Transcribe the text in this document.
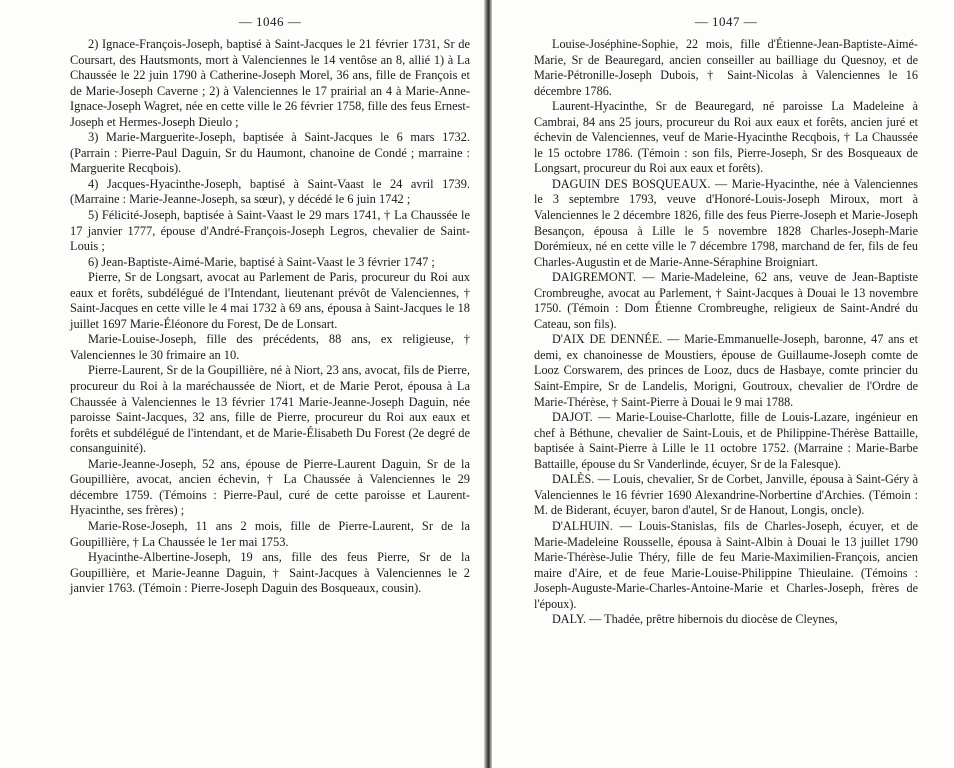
— 1046 —

2) Ignace-François-Joseph, baptisé à Saint-Jacques le 21 février 1731, Sr de Coursart, des Hautsmonts, mort à Valenciennes le 14 ventôse an 8, allié 1) à La Chaussée le 22 juin 1790 à Catherine-Joseph Morel, 36 ans, fille de François et de Marie-Joseph Caverne ; 2) à Valenciennes le 17 prairial an 4 à Marie-Anne-Ignace-Joseph Wagret, née en cette ville le 26 février 1758, fille des feus Ernest-Joseph et Hermes-Joseph Dieulo ;

3) Marie-Marguerite-Joseph, baptisée à Saint-Jacques le 6 mars 1732. (Parrain : Pierre-Paul Daguin, Sr du Haumont, chanoine de Condé ; marraine : Marguerite Recqbois).

4) Jacques-Hyacinthe-Joseph, baptisé à Saint-Vaast le 24 avril 1739. (Marraine : Marie-Jeanne-Joseph, sa sœur), y décédé le 6 juin 1742 ;

5) Félicité-Joseph, baptisée à Saint-Vaast le 29 mars 1741, † La Chaussée le 17 janvier 1777, épouse d'André-François-Joseph Legros, chevalier de Saint-Louis ;

6) Jean-Baptiste-Aimé-Marie, baptisé à Saint-Vaast le 3 février 1747 ;

Pierre, Sr de Longsart, avocat au Parlement de Paris, procureur du Roi aux eaux et forêts, subdélégué de l'Intendant, lieutenant prévôt de Valenciennes, † Saint-Jacques en cette ville le 4 mai 1732 à 69 ans, épousa à Saint-Jacques le 18 juillet 1697 Marie-Éléonore du Forest, De de Lonsart.

Marie-Louise-Joseph, fille des précédents, 88 ans, ex religieuse, † Valenciennes le 30 frimaire an 10.

Pierre-Laurent, Sr de la Goupillière, né à Niort, 23 ans, avocat, fils de Pierre, procureur du Roi à la maréchaussée de Niort, et de Marie Perot, épousa à La Chaussée à Valenciennes le 13 février 1741 Marie-Jeanne-Joseph Daguin, née paroisse Saint-Jacques, 32 ans, fille de Pierre, procureur du Roi aux eaux et forêts et subdélégué de l'intendant, et de Marie-Élisabeth Du Forest (2e degré de consanguinité).

Marie-Jeanne-Joseph, 52 ans, épouse de Pierre-Laurent Daguin, Sr de la Goupillière, avocat, ancien échevin, † La Chaussée à Valenciennes le 29 décembre 1759. (Témoins : Pierre-Paul, curé de cette paroisse et Laurent-Hyacinthe, ses frères) ;

Marie-Rose-Joseph, 11 ans 2 mois, fille de Pierre-Laurent, Sr de la Goupillière, † La Chaussée le 1er mai 1753.

Hyacinthe-Albertine-Joseph, 19 ans, fille des feus Pierre, Sr de la Goupillière, et Marie-Jeanne Daguin, † Saint-Jacques à Valenciennes le 2 janvier 1763. (Témoin : Pierre-Joseph Daguin des Bosqueaux, cousin).

— 1047 —

Louise-Joséphine-Sophie, 22 mois, fille d'Étienne-Jean-Baptiste-Aimé-Marie, Sr de Beauregard, ancien conseiller au bailliage du Quesnoy, et de Marie-Pétronille-Joseph Dubois, † Saint-Nicolas à Valenciennes le 16 décembre 1786.

Laurent-Hyacinthe, Sr de Beauregard, né paroisse La Madeleine à Cambrai, 84 ans 25 jours, procureur du Roi aux eaux et forêts, ancien juré et échevin de Valenciennes, veuf de Marie-Hyacinthe Recqbois, † La Chaussée le 15 octobre 1786. (Témoin : son fils, Pierre-Joseph, Sr des Bosqueaux de Longsart, procureur du Roi aux eaux et forêts).

DAGUIN DES BOSQUEAUX. — Marie-Hyacinthe, née à Valenciennes le 3 septembre 1793, veuve d'Honoré-Louis-Joseph Miroux, mort à Valenciennes le 2 décembre 1826, fille des feus Pierre-Joseph et Marie-Joseph Besançon, épousa à Lille le 5 novembre 1828 Charles-Joseph-Marie Dorémieux, né en cette ville le 7 décembre 1798, marchand de fer, fils de feu Charles-Augustin et de Marie-Anne-Séraphine Broigniart.

DAIGREMONT. — Marie-Madeleine, 62 ans, veuve de Jean-Baptiste Crombreughe, avocat au Parlement, † Saint-Jacques à Douai le 13 novembre 1750. (Témoin : Dom Étienne Crombreughe, religieux de Saint-André du Cateau, son fils).

D'AIX DE DENNÉE. — Marie-Emmanuelle-Joseph, baronne, 47 ans et demi, ex chanoinesse de Moustiers, épouse de Guillaume-Joseph comte de Looz Corswarem, des princes de Looz, ducs de Hasbaye, comte princier du Saint-Empire, Sr de Landelis, Morigni, Goutroux, chevalier de l'Ordre de Marie-Thérèse, † Saint-Pierre à Douai le 9 mai 1788.

DAJOT. — Marie-Louise-Charlotte, fille de Louis-Lazare, ingénieur en chef à Béthune, chevalier de Saint-Louis, et de Philippine-Thérèse Battaille, baptisée à Saint-Pierre à Lille le 11 octobre 1752. (Marraine : Marie-Barbe Battaille, épouse du Sr Vanderlinde, écuyer, Sr de la Falesque).

DALÈS. — Louis, chevalier, Sr de Corbet, Janville, épousa à Saint-Géry à Valenciennes le 16 février 1690 Alexandrine-Norbertine d'Archies. (Témoin : M. de Biderant, écuyer, baron d'autel, Sr de Hanout, Longis, oncle).

D'ALHUIN. — Louis-Stanislas, fils de Charles-Joseph, écuyer, et de Marie-Madeleine Rousselle, épousa à Saint-Albin à Douai le 13 juillet 1790 Marie-Thérèse-Julie Théry, fille de feu Marie-Maximilien-François, ancien maire d'Aire, et de feue Marie-Louise-Philippine Thieulaine. (Témoins : Joseph-Auguste-Marie-Charles-Antoine-Marie et Charles-Joseph, frères de l'époux).

DALY. — Thadée, prêtre hibernois du diocèse de Cleynes,
